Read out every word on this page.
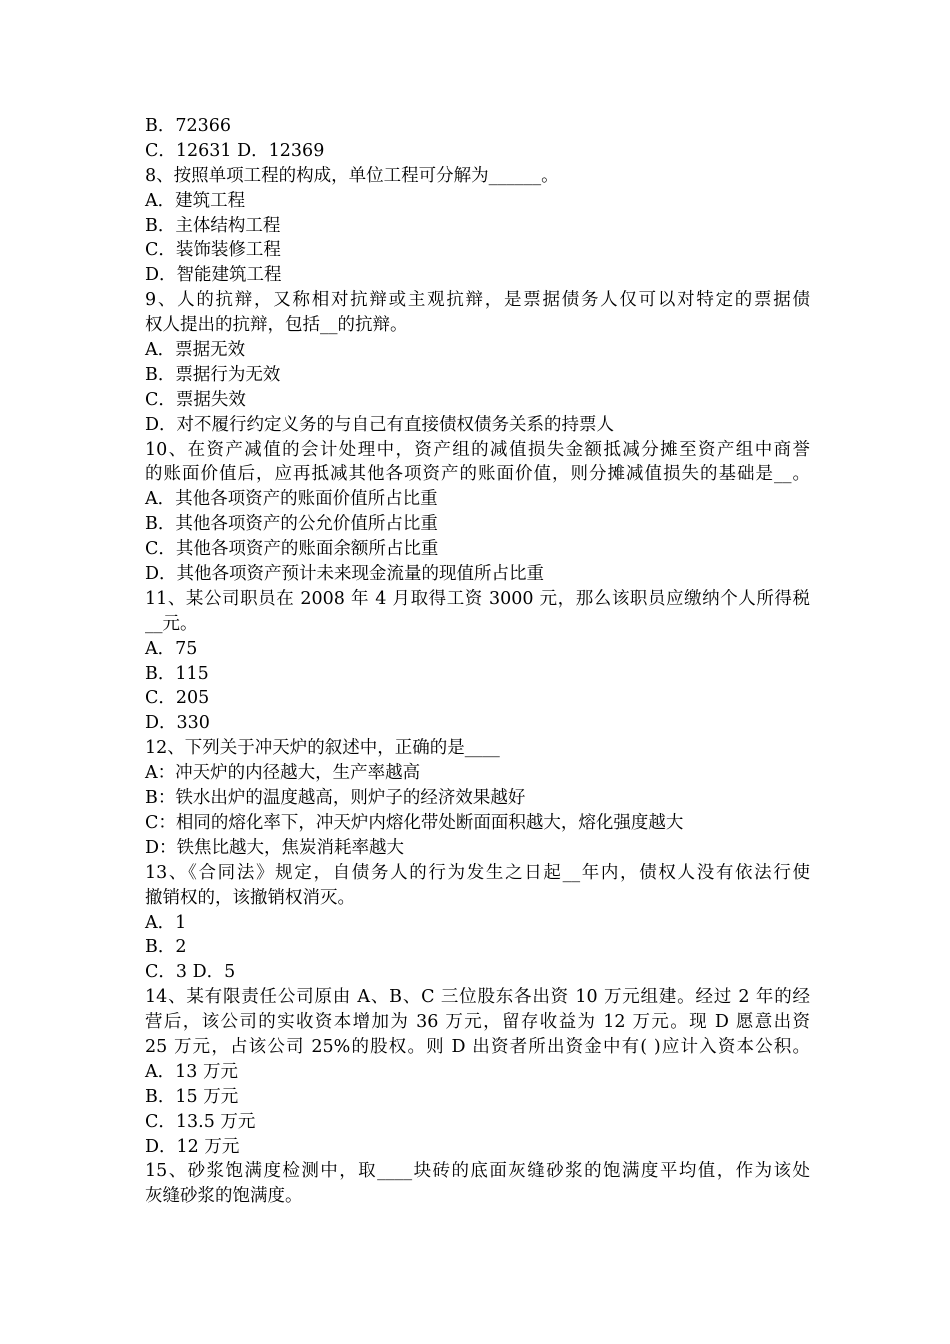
B．72366
C．12631 D．12369
8、按照单项工程的构成，单位工程可分解为______。
A．建筑工程
B．主体结构工程
C．装饰装修工程
D．智能建筑工程
9、人的抗辩，又称相对抗辩或主观抗辩，是票据债务人仅可以对特定的票据债
权人提出的抗辩，包括__的抗辩。
A．票据无效
B．票据行为无效
C．票据失效
D．对不履行约定义务的与自己有直接债权债务关系的持票人
10、在资产减值的会计处理中，资产组的减值损失金额抵减分摊至资产组中商誉
的账面价值后，应再抵减其他各项资产的账面价值，则分摊减值损失的基础是__。
A．其他各项资产的账面价值所占比重
B．其他各项资产的公允价值所占比重
C．其他各项资产的账面余额所占比重
D．其他各项资产预计未来现金流量的现值所占比重
11、某公司职员在 2008 年 4 月取得工资 3000 元，那么该职员应缴纳个人所得税
__元。
A．75
B．115
C．205
D．330
12、下列关于冲天炉的叙述中，正确的是____
A：冲天炉的内径越大，生产率越高
B：铁水出炉的温度越高，则炉子的经济效果越好
C：相同的熔化率下，冲天炉内熔化带处断面面积越大，熔化强度越大
D：铁焦比越大，焦炭消耗率越大
13、《合同法》规定，自债务人的行为发生之日起__年内，债权人没有依法行使
撤销权的，该撤销权消灭。
A．1
B．2
C．3 D．5
14、某有限责任公司原由 A、B、C 三位股东各出资 10 万元组建。经过 2 年的经
营后，该公司的实收资本增加为 36 万元，留存收益为 12 万元。现 D 愿意出资
25 万元，占该公司 25%的股权。则 D 出资者所出资金中有( )应计入资本公积。
A．13 万元
B．15 万元
C．13.5 万元
D．12 万元
15、砂浆饱满度检测中，取____块砖的底面灰缝砂浆的饱满度平均值，作为该处
灰缝砂浆的饱满度。
